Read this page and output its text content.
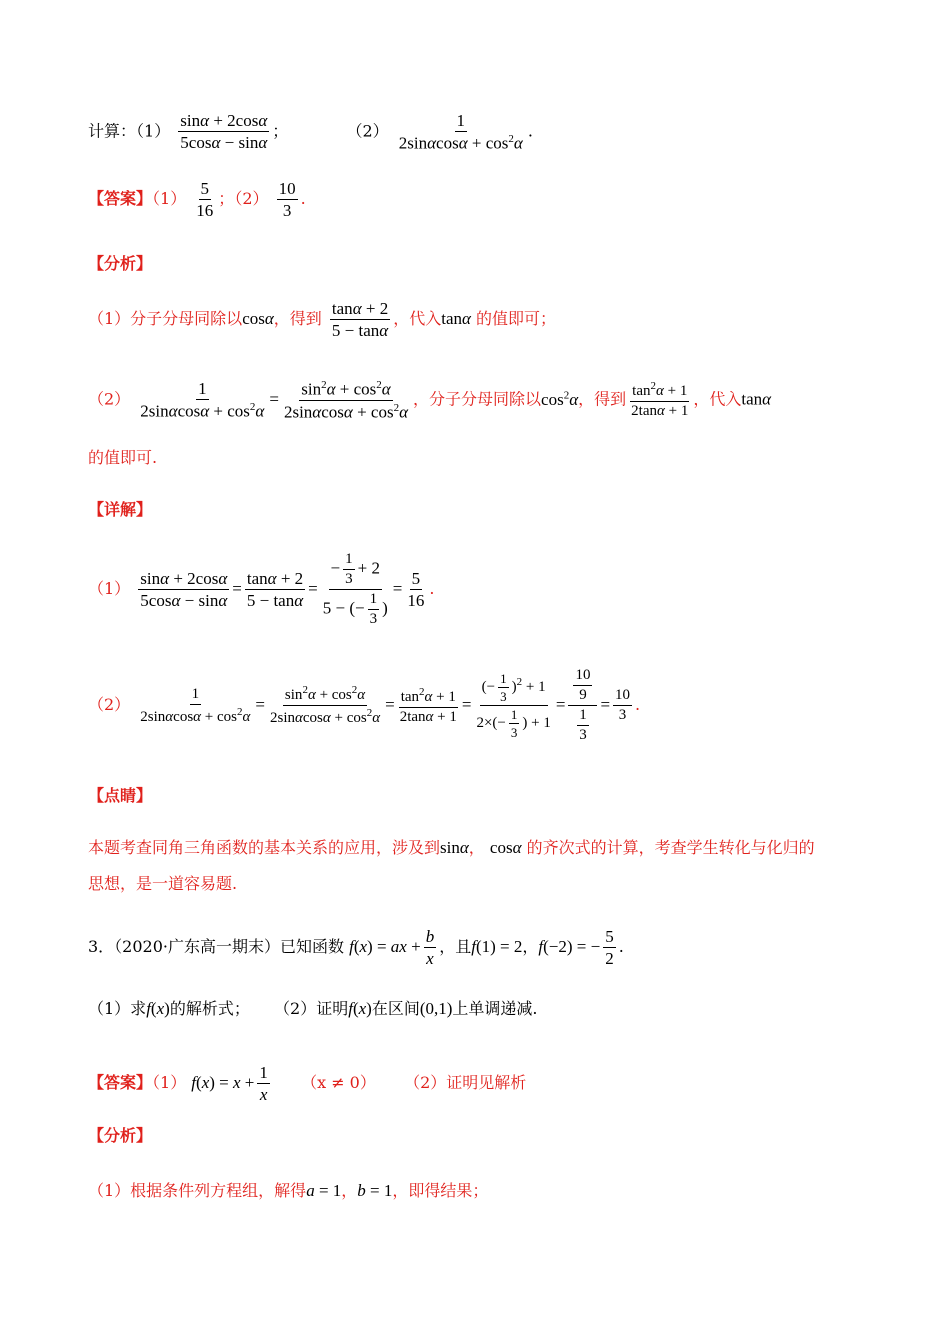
计算：$(1) \frac{\sin\alpha + 2\cos\alpha}{5\cos\alpha - \sin\alpha}$ ；	$(2) \frac{1}{2\sin\alpha\cos\alpha + \cos^2\alpha}$ .
【答案】$(1) \frac{5}{16}$ ；$(2) \frac{10}{3}$ .
【分析】
（1）分子分母同除以cosα，得到 $\frac{\tan\alpha + 2}{5 - \tan\alpha}$ ，代入tanα 的值即可；
$(2) \frac{1}{2\sin\alpha\cos\alpha + \cos^2\alpha} = \frac{\sin^2\alpha + \cos^2\alpha}{2\sin\alpha\cos\alpha + \cos^2\alpha}$ ，分子分母同除以$\cos^2\alpha$，得到 $\frac{\tan^2\alpha + 1}{2\tan\alpha + 1}$ ，代入tanα
的值即可.
【详解】
$(1) \frac{\sin\alpha + 2\cos\alpha}{5\cos\alpha - \sin\alpha} = \frac{\tan\alpha + 2}{5 - \tan\alpha} = \frac{- \frac{1}{3} + 2}{5 - (- \frac{1}{3} )} = \frac{5}{16}$ .
$(2) \frac{1}{2\sin\alpha\cos\alpha + \cos^2\alpha} = \frac{\sin^2\alpha + \cos^2\alpha}{2\sin\alpha\cos\alpha + \cos^2\alpha} = \frac{\tan^2\alpha + 1}{2\tan\alpha + 1} = \frac{(- \frac{1}{3} )^2 + 1}{2\times(- \frac{1}{3} ) + 1} = \frac{\frac{10}{9}}{\frac{1}{3}} = \frac{10}{3}$ .
【点睛】
本题考查同角三角函数的基本关系的应用，涉及到sinα， cosα 的齐次式的计算，考查学生转化与化归的
思想，是一道容易题.
3．（2020·广东高一期末）已知函数 f(x) = ax + $\frac{b}{x}$ ，且f(1) = 2，f(−2) = − $\frac{5}{2}$ .
（1）求f(x)的解析式； （2）证明f(x)在区间(0,1)上单调递减.
【答案】（1） $f(x) = x + \frac{1}{x} (x \ne 0)$ （2）证明见解析
【分析】
（1）根据条件列方程组，解得a = 1，b = 1，即得结果；
